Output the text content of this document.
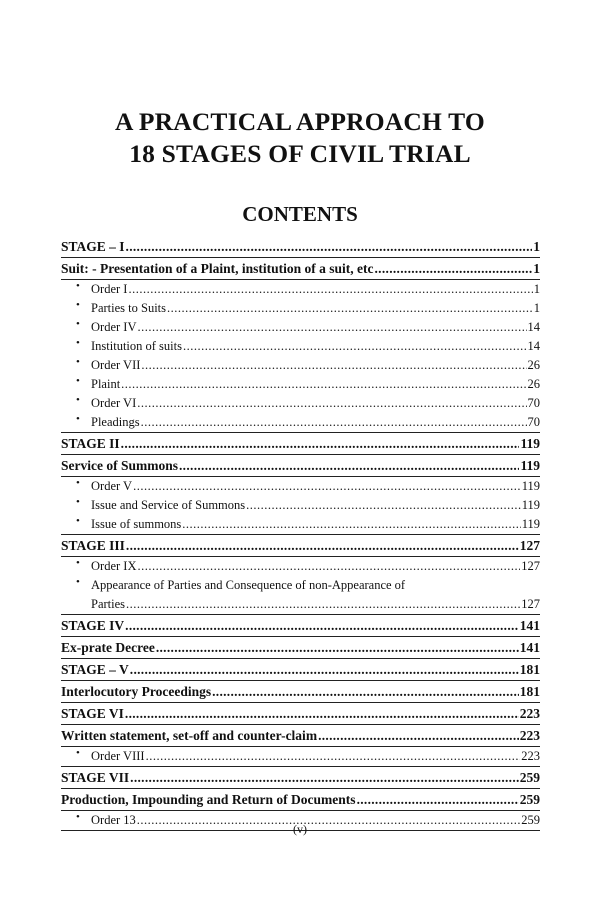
A PRACTICAL APPROACH TO
18 STAGES OF CIVIL TRIAL
CONTENTS
STAGE – I .....	1
Suit: - Presentation of a Plaint, institution of a suit, etc .....	1
• Order I .....	1
• Parties to Suits .....	1
• Order IV .....	14
• Institution of suits .....	14
• Order VII .....	26
• Plaint .....	26
• Order VI .....	70
• Pleadings .....	70
STAGE II .....	119
Service of Summons .....	119
• Order V .....	119
• Issue and Service of Summons .....	119
• Issue of summons .....	119
STAGE III .....	127
• Order IX .....	127
• Appearance of Parties and Consequence of non-Appearance of
Parties .....	127
STAGE IV .....	141
Ex-prate Decree .....	141
STAGE – V .....	181
Interlocutory Proceedings .....	181
STAGE VI .....	223
Written statement, set-off and counter-claim .....	223
• Order VIII .....	223
STAGE VII .....	259
Production, Impounding and Return of Documents .....	259
• Order 13 .....	259
(v)
